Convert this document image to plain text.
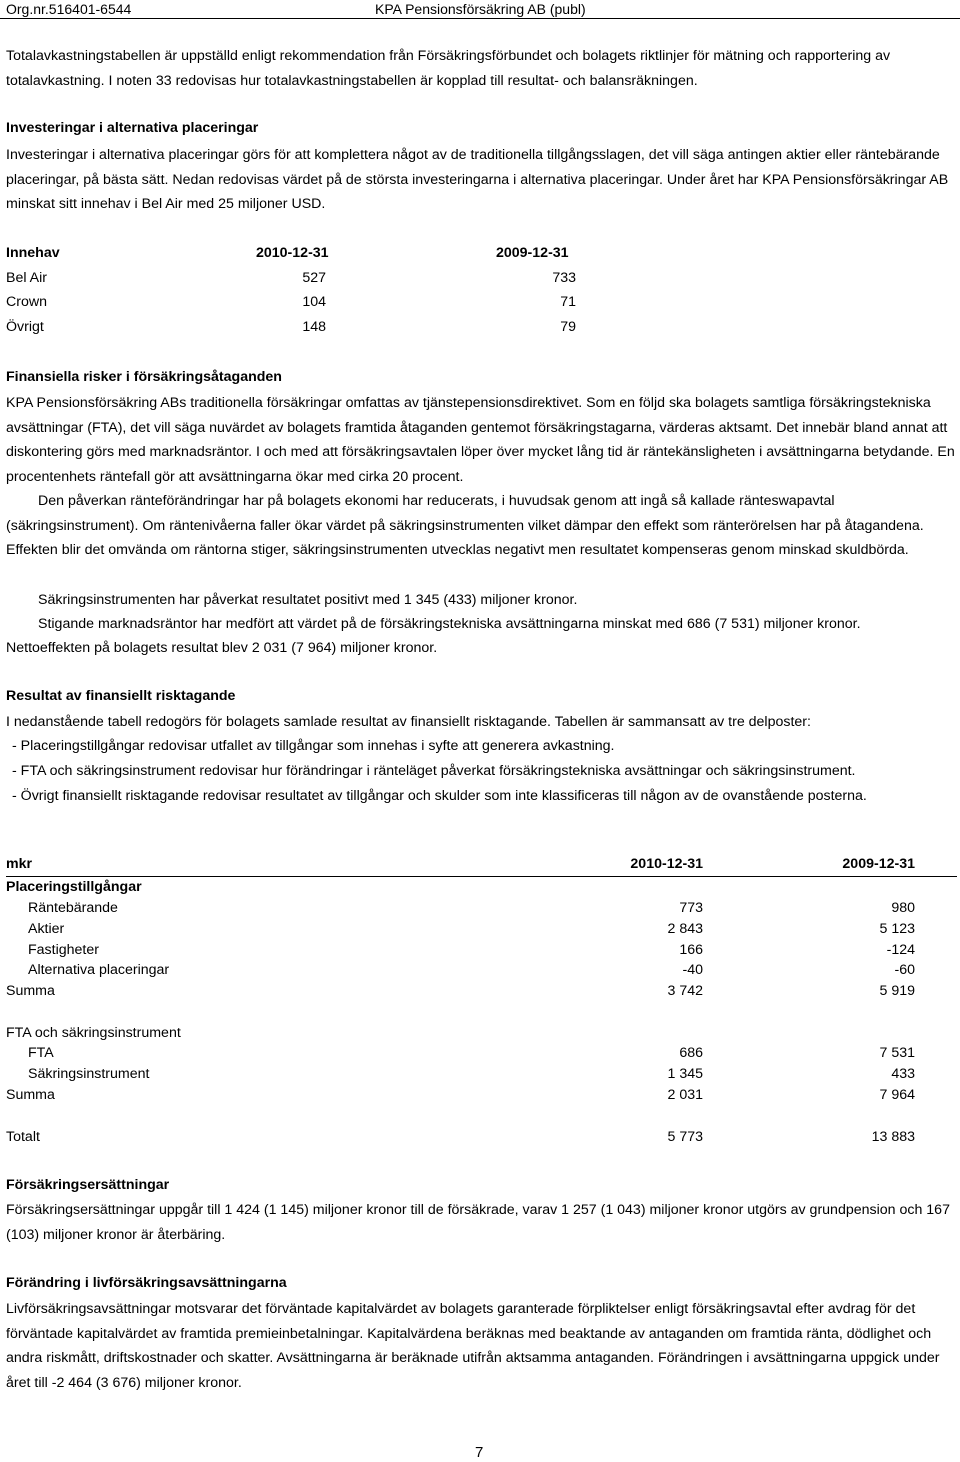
Org.nr.516401-6544	KPA Pensionsförsäkring AB (publ)

Totalavkastningstabellen är uppställd enligt rekommendation från Försäkringsförbundet och bolagets riktlinjer för mätning och rapportering av totalavkastning. I noten 33 redovisas hur totalavkastningstabellen är kopplad till resultat- och balansräkningen.

Investeringar i alternativa placeringar

Investeringar i alternativa placeringar görs för att komplettera något av de traditionella tillgångsslagen, det vill säga antingen aktier eller räntebärande placeringar, på bästa sätt. Nedan redovisas värdet på de största investeringarna i alternativa placeringar. Under året har KPA Pensionsförsäkringar AB minskat sitt innehav i Bel Air med 25 miljoner USD.

Innehav	2010-12-31	2009-12-31
Bel Air	527	733
Crown	104	71
Övrigt	148	79

Finansiella risker i försäkringsåtaganden

KPA Pensionsförsäkring ABs traditionella försäkringar omfattas av tjänstepensionsdirektivet. Som en följd ska bolagets samtliga försäkringstekniska avsättningar (FTA), det vill säga nuvärdet av bolagets framtida åtaganden gentemot försäkringstagarna, värderas aktsamt. Det innebär bland annat att diskontering görs med marknadsräntor. I och med att försäkringsavtalen löper över mycket lång tid är räntekänsligheten i avsättningarna betydande. En procentenhets räntefall gör att avsättningarna ökar med cirka 20 procent.

Den påverkan ränteförändringar har på bolagets ekonomi har reducerats, i huvudsak genom att ingå så kallade ränteswapavtal (säkringsinstrument). Om räntenivåerna faller ökar värdet på säkringsinstrumenten vilket dämpar den effekt som ränterörelsen har på åtagandena. Effekten blir det omvända om räntorna stiger, säkringsinstrumenten utvecklas negativt men resultatet kompenseras genom minskad skuldbörda.

Säkringsinstrumenten har påverkat resultatet positivt med 1 345 (433) miljoner kronor.

Stigande marknadsräntor har medfört att värdet på de försäkringstekniska avsättningarna minskat med 686 (7 531) miljoner kronor.

Nettoeffekten på bolagets resultat blev 2 031 (7 964) miljoner kronor.

Resultat av finansiellt risktagande

I nedanstående tabell redogörs för bolagets samlade resultat av finansiellt risktagande. Tabellen är sammansatt av tre delposter:

- Placeringstillgångar redovisar utfallet av tillgångar som innehas i syfte att generera avkastning.

- FTA och säkringsinstrument redovisar hur förändringar i ränteläget påverkat försäkringstekniska avsättningar och säkringsinstrument.

- Övrigt finansiellt risktagande redovisar resultatet av tillgångar och skulder som inte klassificeras till någon av de ovanstående posterna.

mkr	2010-12-31	2009-12-31
Placeringstillgångar
Räntebärande	773	980
Aktier	2 843	5 123
Fastigheter	166	-124
Alternativa placeringar	-40	-60
Summa	3 742	5 919
FTA och säkringsinstrument
FTA	686	7 531
Säkringsinstrument	1 345	433
Summa	2 031	7 964
Totalt	5 773	13 883

Försäkringsersättningar

Försäkringsersättningar uppgår till 1 424 (1 145) miljoner kronor till de försäkrade, varav 1 257 (1 043) miljoner kronor utgörs av grundpension och 167 (103) miljoner kronor är återbäring.

Förändring i livförsäkringsavsättningarna

Livförsäkringsavsättningar motsvarar det förväntade kapitalvärdet av bolagets garanterade förpliktelser enligt försäkringsavtal efter avdrag för det förväntade kapitalvärdet av framtida premieinbetalningar. Kapitalvärdena beräknas med beaktande av antaganden om framtida ränta, dödlighet och andra riskmått, driftskostnader och skatter. Avsättningarna är beräknade utifrån aktsamma antaganden. Förändringen i avsättningarna uppgick under året till -2 464 (3 676) miljoner kronor.

7
